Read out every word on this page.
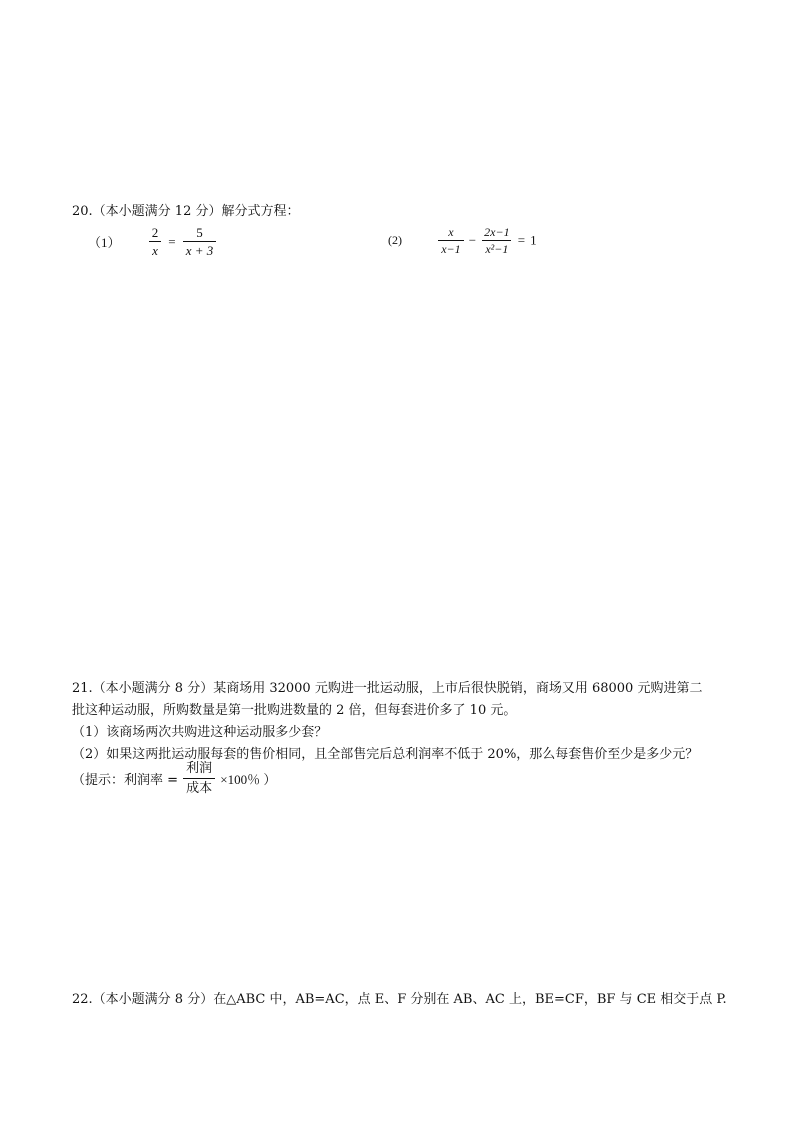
20.（本小题满分 12 分）解分式方程：
$(1) \frac{2}{x} = \frac{5}{x + 3}$	(2)	$\frac{x}{x-1} - \frac{2x-1}{\text{x²−1}} = 1$
21.（本小题满分 8 分）某商场用 32000 元购进一批运动服，上市后很快脱销，商场又用 68000 元购进第二
批这种运动服，所购数量是第一批购进数量的 2 倍，但每套进价多了 10 元。
（1）该商场两次共购进这种运动服多少套？
（2）如果这两批运动服每套的售价相同，且全部售完后总利润率不低于 20%，那么每套售价至少是多少元？
（提示：利润率 = $\frac{\text{利润}}{\text{成本}} \times 100$％ ）
22.（本小题满分 8 分）在△ABC 中，AB=AC，点 E、F 分别在 AB、AC 上，BE=CF，BF 与 CE 相交于点 P.
